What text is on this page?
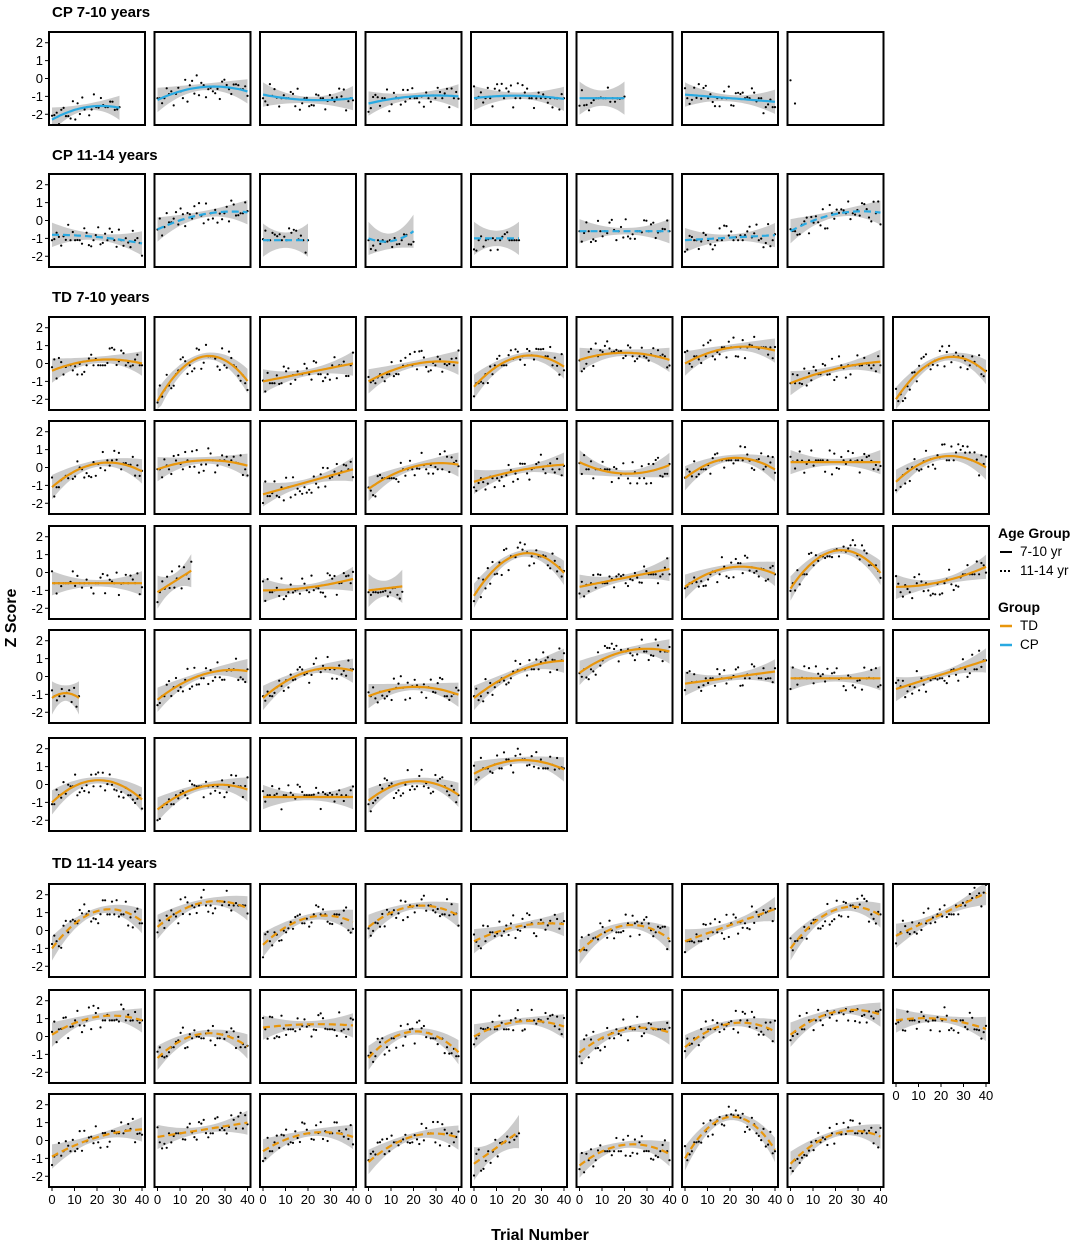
CP 7-10 years
2
1
0
-1
-2
CP 11-14 years
2
1
0
-1
-2
TD 7-10 years
2
1
0
-1
-2
2
1
0
-1
-2
2
1
0
-1
-2
2
1
0
-1
-2
2
1
0
-1
-2
TD 11-14 years
2
1
0
-1
-2
2
1
0
-1
-2
2
1
0
-1
-2
0 10 20 30 40 0 10 20 30 40 0 10 20 30 40 0 10 20 30 40 0 10 20 30 40 0 10 20 30 40 0 10 20 30 40 0 10 20 30 40
0 10 20 30 40
Trial Number
Z Score
Age Group
7-10 yr
11-14 yr
Group
TD
CP
